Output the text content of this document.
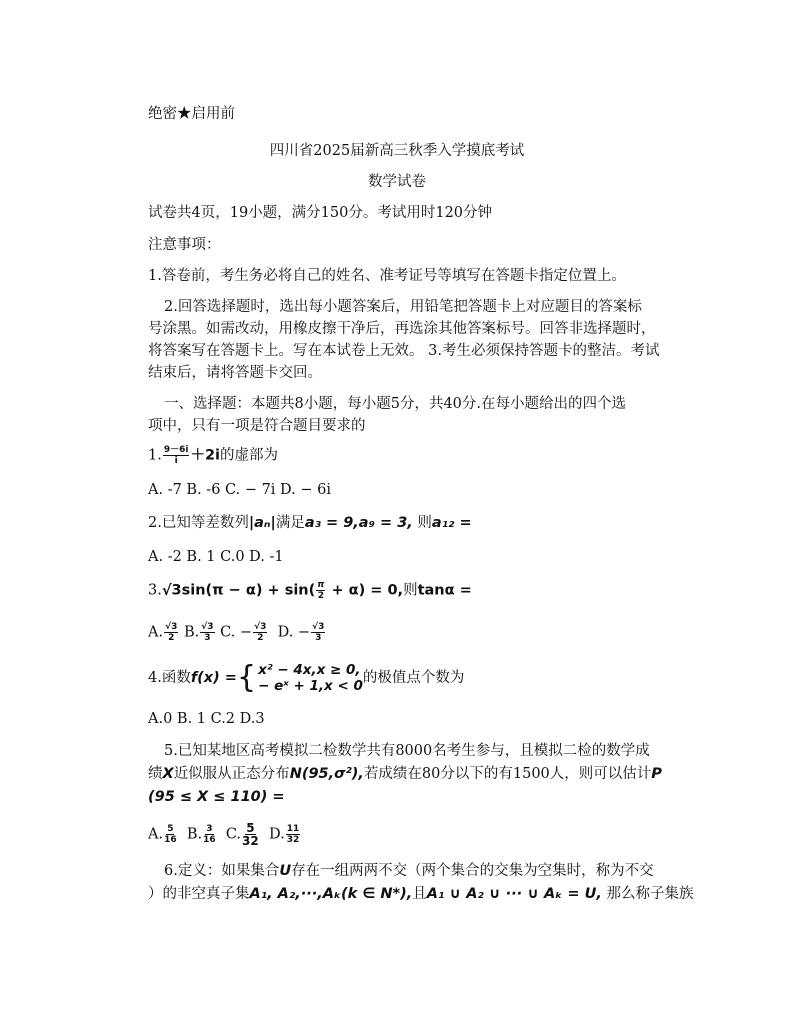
绝密★启用前
四川省2025届新高三秋季入学摸底考试
数学试卷
试卷共4页，19小题，满分150分。考试用时120分钟
注意事项：
1.答卷前，考生务必将自己的姓名、准考证号等填写在答题卡指定位置上。
2.回答选择题时，选出每小题答案后，用铅笔把答题卡上对应题目的答案标
号涂黑。如需改动，用橡皮擦干净后，再选涂其他答案标号。回答非选择题时，
将答案写在答题卡上。写在本试卷上无效。 3.考生必须保持答题卡的整洁。考试
结束后，请将答题卡交回。
一、选择题：本题共8小题，每小题5分，共40分.在每小题给出的四个选
项中，只有一项是符合题目要求的
1. $\frac{9-6i}{i} +2i$的虚部为
A. -7 B. -6 C. − 7i D. − 6i
2.已知等差数列|aₙ|满足a₃ = 9,a₉ = 3, 则a₁₂ =
A. -2 B. 1 C.0 D. -1
3. √ $3\sin(\pi - \alpha) + \sin( \frac{\pi}{2} + \alpha) = 0$,则tanα =
A. √ $\frac{3}{2} B$. √ $\frac{3}{3} C$. − √ $\frac{3}{2} D$. − √ $\frac{3}{3}$
4.函数f(x) = { x² − 4x,x ≥ 0,
− eˣ + 1,x < 0 的极值点个数为
A.0 B. 1 C.2 D.3
5.已知某地区高考模拟二检数学共有8000名考生参与，且模拟二检的数学成
绩X近似服从正态分布N(95,σ²),若成绩在80分以下的有1500人，则可以估计P
(95 ≤ X ≤ 110) =
A. $\frac{5}{16} B$. $\frac{3}{16} C$. $\frac{5}{32} D$. $\frac{11}{32}$
6.定义：如果集合U存在一组两两不交（两个集合的交集为空集时，称为不交
）的非空真子集A₁, A₂,···,Aₖ(k ∈ N*),且A₁ ∪ A₂ ∪ ··· ∪ Aₖ = U, 那么称子集族
